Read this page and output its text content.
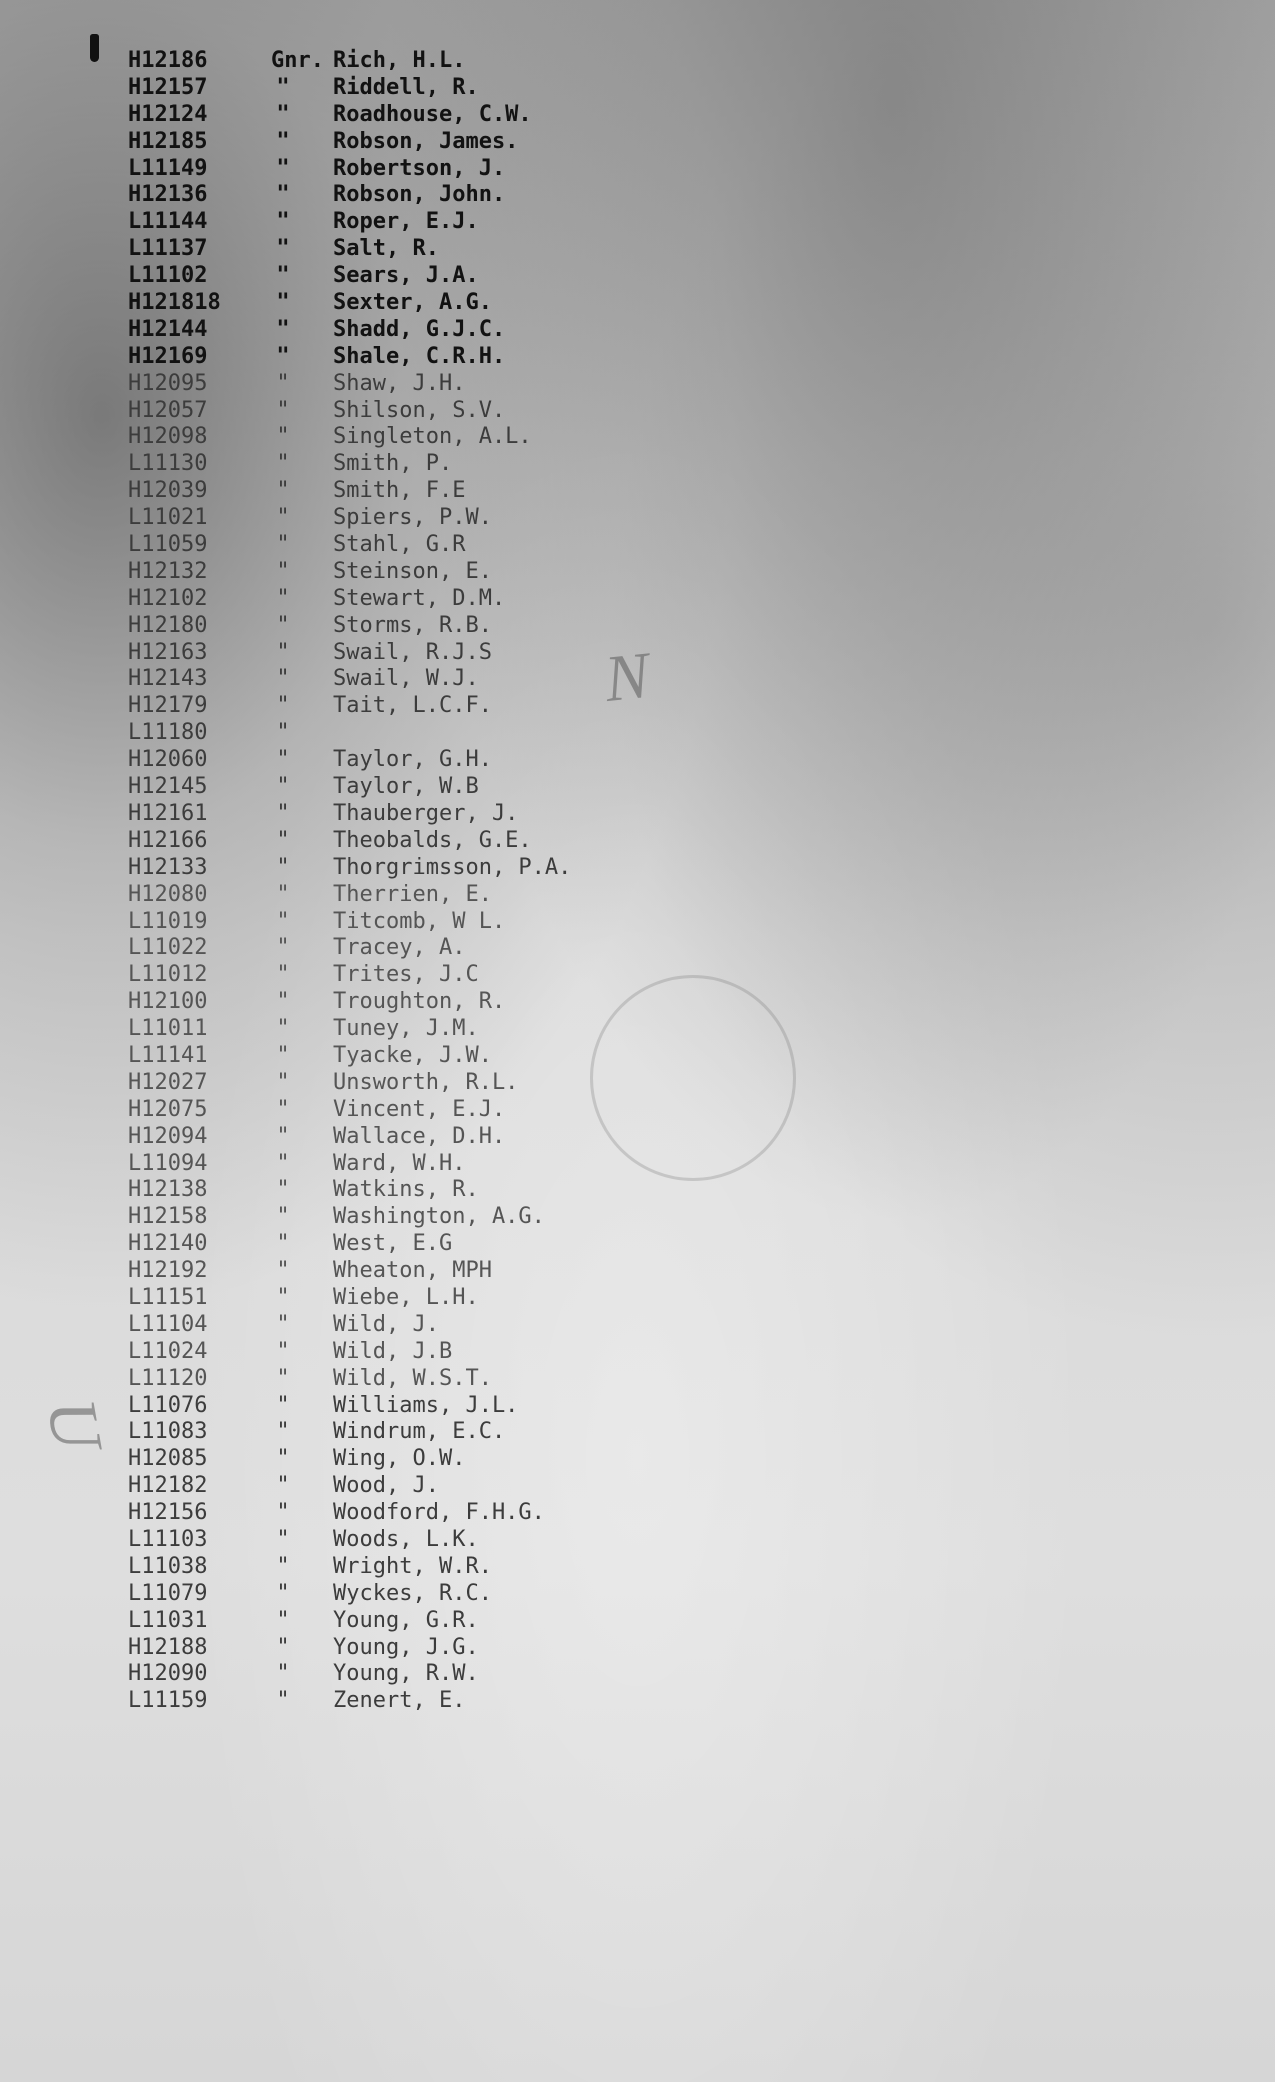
N
U
H12186	Gnr. Rich, H.L.
H12157	"	Riddell, R.
H12124	"	Roadhouse, C.W.
H12185	"	Robson, James.
L11149	"	Robertson, J.
H12136	"	Robson, John.
L11144	"	Roper, E.J.
L11137	"	Salt, R.
L11102	"	Sears, J.A.
H121818	"	Sexter, A.G.
H12144	"	Shadd, G.J.C.
H12169	"	Shale, C.R.H.
H12095	"	Shaw, J.H.
H12057	"	Shilson, S.V.
H12098	"	Singleton, A.L.
L11130	"	Smith, P.
H12039	"	Smith, F.E
L11021	"	Spiers, P.W.
L11059	"	Stahl, G.R
H12132	"	Steinson, E.
H12102	"	Stewart, D.M.
H12180	"	Storms, R.B.
H12163	"	Swail, R.J.S
H12143	"	Swail, W.J.
H12179	"	Tait, L.C.F.
L11180	"
H12060	"	Taylor, G.H.
H12145	"	Taylor, W.B
H12161	"	Thauberger, J.
H12166	"	Theobalds, G.E.
H12133	"	Thorgrimsson, P.A.
H12080	"	Therrien, E.
L11019	"	Titcomb, W L.
L11022	"	Tracey, A.
L11012	"	Trites, J.C
H12100	"	Troughton, R.
L11011	"	Tuney, J.M.
L11141	"	Tyacke, J.W.
H12027	"	Unsworth, R.L.
H12075	"	Vincent, E.J.
H12094	"	Wallace, D.H.
L11094	"	Ward, W.H.
H12138	"	Watkins, R.
H12158	"	Washington, A.G.
H12140	"	West, E.G
H12192	"	Wheaton, MPH
L11151	"	Wiebe, L.H.
L11104	"	Wild, J.
L11024	"	Wild, J.B
L11120	"	Wild, W.S.T.
L11076	"	Williams, J.L.
L11083	"	Windrum, E.C.
H12085	"	Wing, O.W.
H12182	"	Wood, J.
H12156	"	Woodford, F.H.G.
L11103	"	Woods, L.K.
L11038	"	Wright, W.R.
L11079	"	Wyckes, R.C.
L11031	"	Young, G.R.
H12188	"	Young, J.G.
H12090	"	Young, R.W.
L11159	"	Zenert, E.
